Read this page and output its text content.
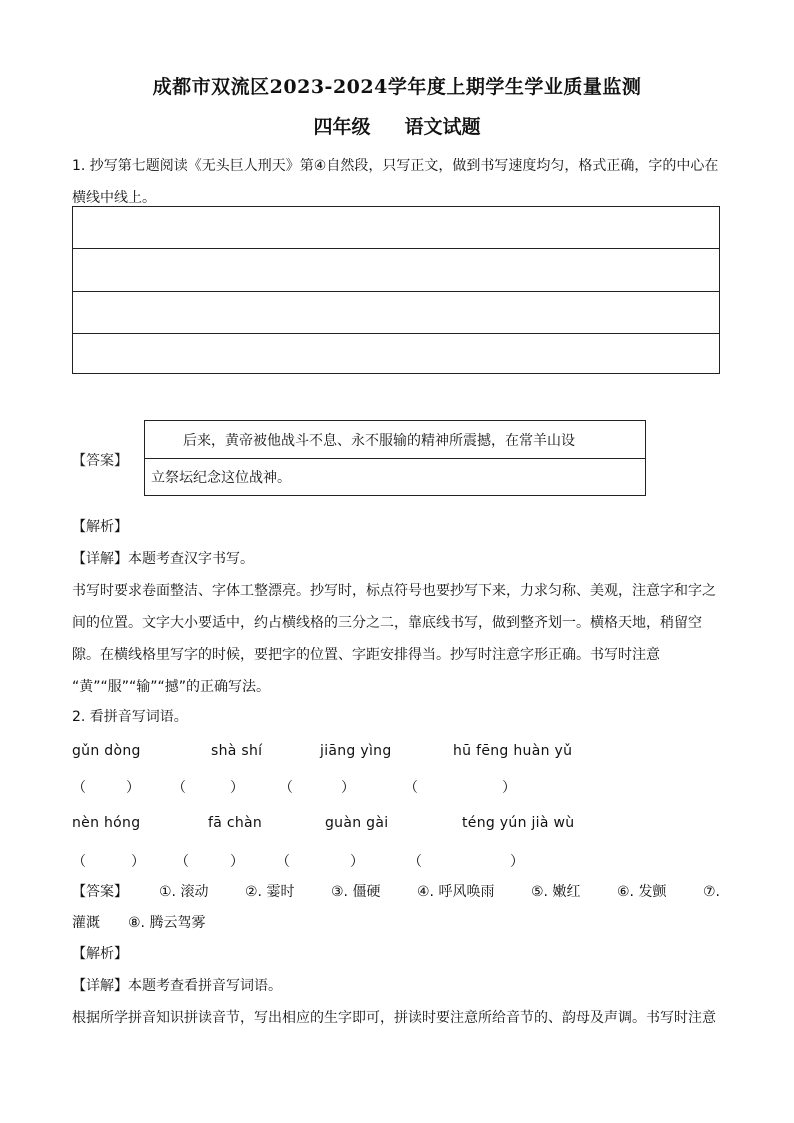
成都市双流区2023-2024学年度上期学生学业质量监测
四年级 语文试题
1. 抄写第七题阅读《无头巨人刑天》第④自然段，只写正文，做到书写速度均匀，格式正确，字的中心在横线中线上。
【答案】
后来，黄帝被他战斗不息、永不服输的精神所震撼，在常羊山设
立祭坛纪念这位战神。
【解析】
【详解】本题考查汉字书写。
书写时要求卷面整洁、字体工整漂亮。抄写时，标点符号也要抄写下来，力求匀称、美观，注意字和字之
间的位置。文字大小要适中，约占横线格的三分之二，靠底线书写，做到整齐划一。横格天地，稍留空
隙。在横线格里写字的时候，要把字的位置、字距安排得当。抄写时注意字形正确。书写时注意
“黄”“服”“输”“撼”的正确写法。
2. 看拼音写词语。
gǔn dòng	shà shí	jiāng yìng	hū fēng huàn yǔ
（	） （	）	（	）	（	）
nèn hóng	fā chàn	guàn gài	téng yún jià wù
（	） （	） （	）	（	）
【答案】 ①. 滚动	②. 霎时	③. 僵硬	④. 呼风唤雨	⑤. 嫩红	⑥. 发颤	⑦.
灌溉 ⑧. 腾云驾雾
【解析】
【详解】本题考查看拼音写词语。
根据所学拼音知识拼读音节，写出相应的生字即可，拼读时要注意所给音节的、韵母及声调。书写时注意
